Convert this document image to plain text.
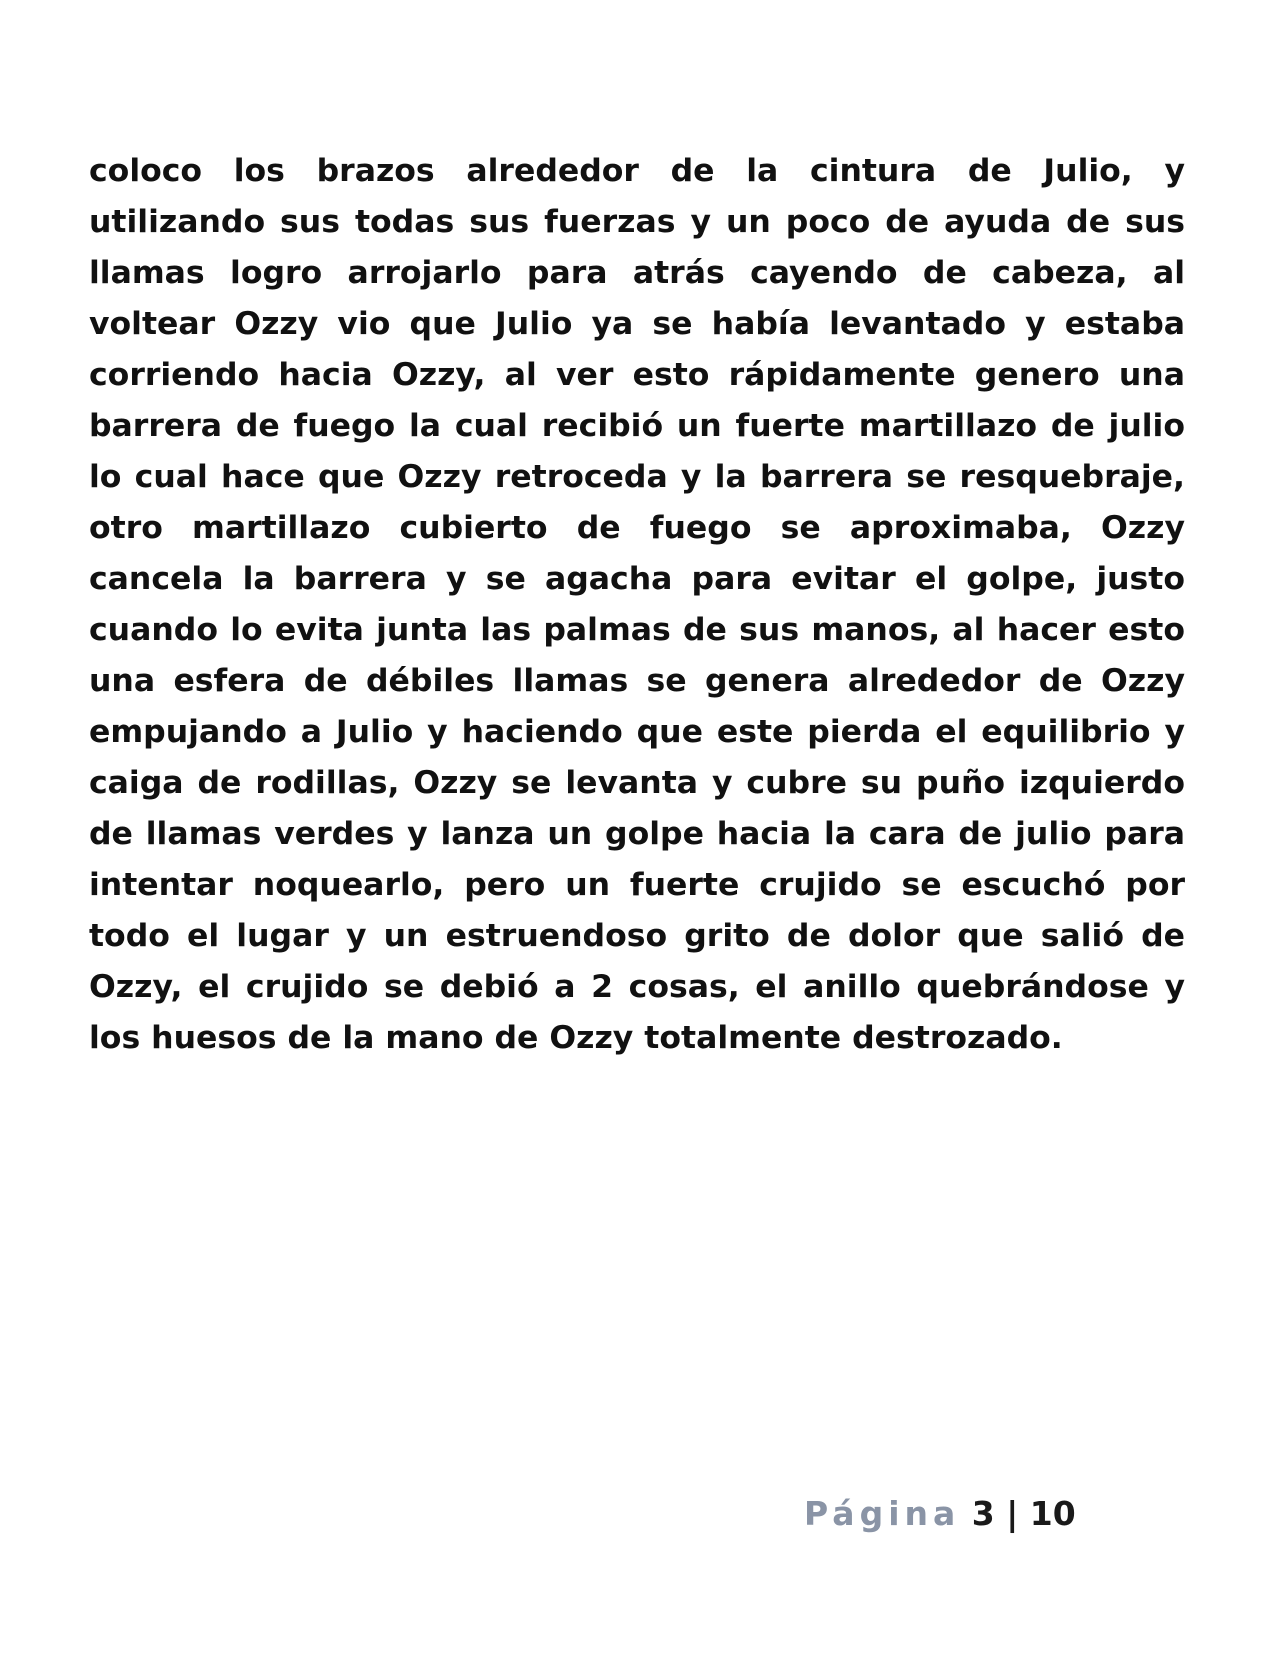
coloco los brazos alrededor de la cintura de Julio, y utilizando sus todas sus fuerzas y un poco de ayuda de sus llamas logro arrojarlo para atrás cayendo de cabeza, al voltear Ozzy vio que Julio ya se había levantado y estaba corriendo hacia Ozzy, al ver esto rápidamente genero una barrera de fuego la cual recibió un fuerte martillazo de julio lo cual hace que Ozzy retroceda y la barrera se resquebraje, otro martillazo cubierto de fuego se aproximaba, Ozzy cancela la barrera y se agacha para evitar el golpe, justo cuando lo evita junta las palmas de sus manos, al hacer esto una esfera de débiles llamas se genera alrededor de Ozzy empujando a Julio y haciendo que este pierda el equilibrio y caiga de rodillas, Ozzy se levanta y cubre su puño izquierdo de llamas verdes y lanza un golpe hacia la cara de julio para intentar noquearlo, pero un fuerte crujido se escuchó por todo el lugar y un estruendoso grito de dolor que salió de Ozzy, el crujido se debió a 2 cosas, el anillo quebrándose y los huesos de la mano de Ozzy totalmente destrozado.

Página 3 | 10
